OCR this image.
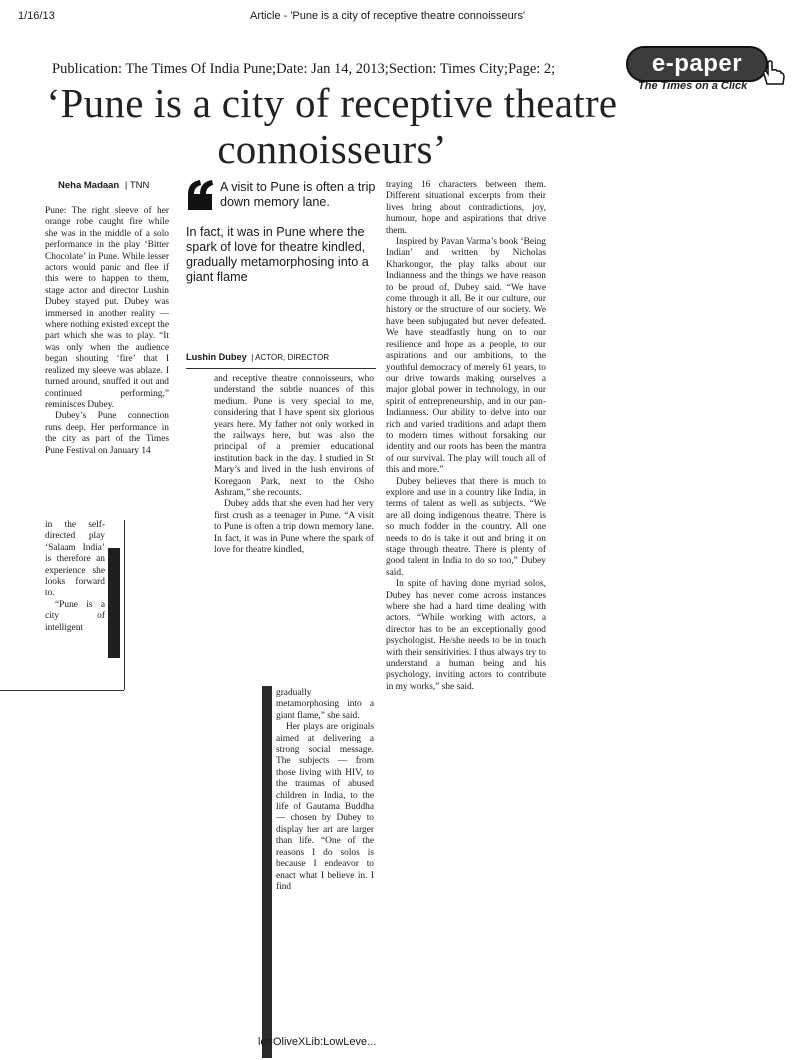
1/16/13	Article - 'Pune is a city of receptive theatre connoisseurs'
Publication: The Times Of India Pune;Date: Jan 14, 2013;Section: Times City;Page: 2;	e-paper
The Times on a Click
‘Pune is a city of receptive theatre connoisseurs’
Neha Madaan | TNN

Pune: The right sleeve of her orange robe caught fire while she was in the middle of a solo performance in the play ‘Bitter Chocolate’ in Pune. While lesser actors would panic and flee if this were to happen to them, stage actor and director Lushin Dubey stayed put. Dubey was immersed in another reality — where nothing existed except the part which she was to play. “It was only when the audience began shouting ‘fire’ that I realized my sleeve was ablaze. I turned around, snuffed it out and continued performing,” reminisces Dubey.

Dubey’s Pune connection runs deep. Her performance in the city as part of the Times Pune Festival on January 14

in the self-directed play ‘Salaam India’ is therefore an experience she looks forward to.

“Pune is a city of intelligent

A visit to Pune is often a trip down memory lane.
In fact, it was in Pune where the spark of love for theatre kindled, gradually metamorphosing into a giant flame
Lushin Dubey | ACTOR, DIRECTOR

and receptive theatre connoisseurs, who understand the subtle nuances of this medium. Pune is very special to me, considering that I have spent six glorious years here. My father not only worked in the railways here, but was also the principal of a premier educational institution back in the day. I studied in St Mary’s and lived in the lush environs of Koregaon Park, next to the Osho Ashram,” she recounts.

Dubey adds that she even had her very first crush as a teenager in Pune. “A visit to Pune is often a trip down memory lane. In fact, it was in Pune where the spark of love for theatre kindled,

gradually metamorphosing into a giant flame,” she said.

Her plays are originals aimed at delivering a strong social message. The subjects — from those living with HIV, to the traumas of abused children in India, to the life of Gautama Buddha — chosen by Dubey to display her art are larger than life. “One of the reasons I do solos is because I endeavor to enact what I believe in. I find

traying 16 characters between them. Different situational excerpts from their lives bring about contradictions, joy, humour, hope and aspirations that drive them.

Inspired by Pavan Varma’s book ‘Being Indian’ and written by Nicholas Kharkongor, the play talks about our Indianness and the things we have reason to be proud of, Dubey said. “We have come through it all. Be it our culture, our history or the structure of our society. We have been subjugated but never defeated. We have steadfastly hung on to our resilience and hope as a people, to our aspirations and our ambitions, to the youthful democracy of merely 61 years, to our drive towards making ourselves a major global power in technology, in our spirit of entrepreneurship, and in our pan-Indianness. Our ability to delve into our rich and varied traditions and adapt them to modern times without forsaking our identity and our roots has been the mantra of our survival. The play will touch all of this and more.”

Dubey believes that there is much to explore and use in a country like India, in terms of talent as well as subjects. “We are all doing indigenous theatre. There is so much fodder in the country. All one needs to do is take it out and bring it on stage through theatre. There is plenty of good talent in India to do so too,” Dubey said.

In spite of having done myriad solos, Dubey has never come across instances where she had a hard time dealing with actors. “While working with actors, a director has to be an exceptionally good psychologist. He/she needs to be in touch with their sensitivities. I thus always try to understand a human being and his psychology, inviting actors to contribute in my works,” she said.

le=OliveXLib:LowLeve...
